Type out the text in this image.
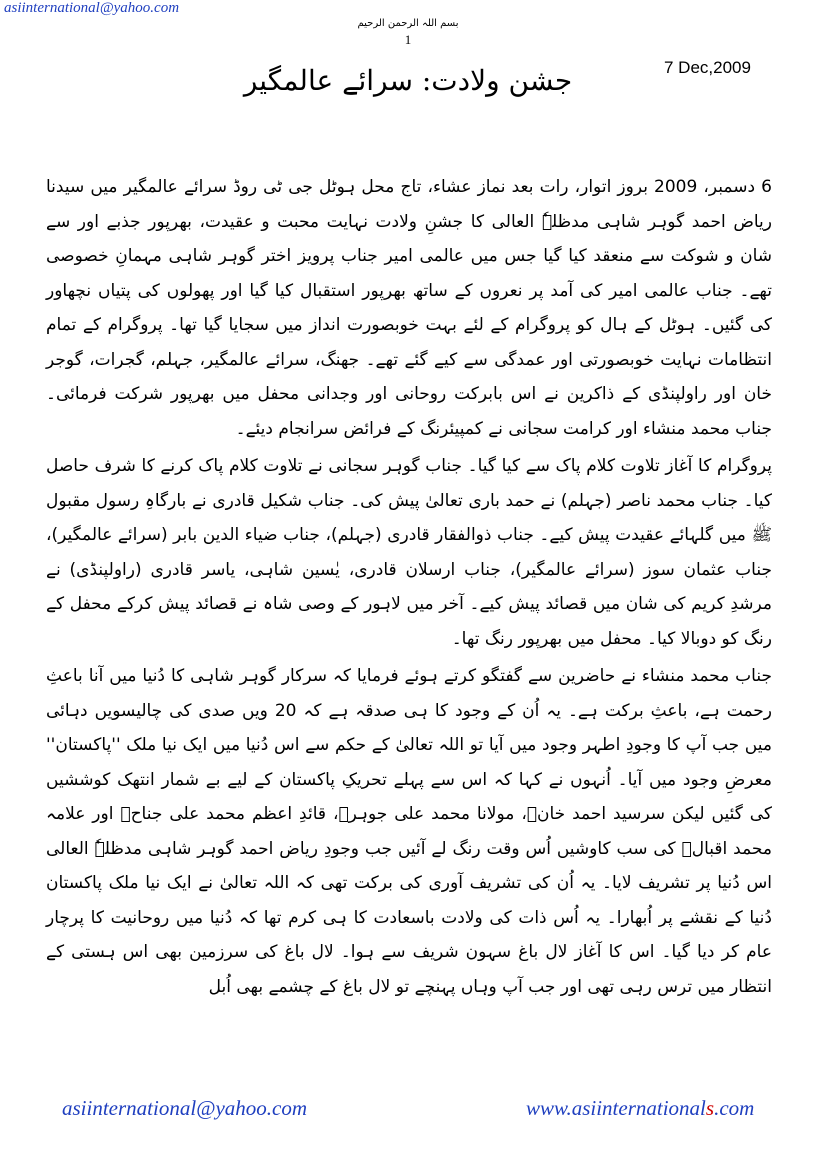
asiinternational@yahoo.com
بسم اللہ الرحمن الرحیم
1
7 Dec,2009
جشن ولادت: سرائے عالمگیر

6 دسمبر، 2009 بروز اتوار، رات بعد نماز عشاء، تاج محل ہوٹل جی ٹی روڈ سرائے عالمگیر میں سیدنا ریاض احمد گوہر شاہی مدظلہٗ العالی کا جشنِ ولادت نہایت محبت و عقیدت، بھرپور جذبے اور سے شان و شوکت سے منعقد کیا گیا جس میں عالمی امیر جناب پرویز اختر گوہر شاہی مہمانِ خصوصی تھے۔ جناب عالمی امیر کی آمد پر نعروں کے ساتھ بھرپور استقبال کیا گیا اور پھولوں کی پتیاں نچھاور کی گئیں۔ ہوٹل کے ہال کو پروگرام کے لئے بہت خوبصورت انداز میں سجایا گیا تھا۔ پروگرام کے تمام انتظامات نہایت خوبصورتی اور عمدگی سے کیے گئے تھے۔ جھنگ، سرائے عالمگیر، جہلم، گجرات، گوجر خان اور راولپنڈی کے ذاکرین نے اس بابرکت روحانی اور وجدانی محفل میں بھرپور شرکت فرمائی۔ جناب محمد منشاء اور کرامت سجانی نے کمپیئرنگ کے فرائض سرانجام دیئے۔

پروگرام کا آغاز تلاوت کلام پاک سے کیا گیا۔ جناب گوہر سجانی نے تلاوت کلام پاک کرنے کا شرف حاصل کیا۔ جناب محمد ناصر (جہلم) نے حمد باری تعالیٰ پیش کی۔ جناب شکیل قادری نے بارگاہِ رسول مقبول ﷺ میں گلہائے عقیدت پیش کیے۔ جناب ذوالفقار قادری (جہلم)، جناب ضیاء الدین بابر (سرائے عالمگیر)، جناب عثمان سوز (سرائے عالمگیر)، جناب ارسلان قادری، یٰسین شاہی، یاسر قادری (راولپنڈی) نے مرشدِ کریم کی شان میں قصائد پیش کیے۔ آخر میں لاہور کے وصی شاہ نے قصائد پیش کرکے محفل کے رنگ کو دوبالا کیا۔ محفل میں بھرپور رنگ تھا۔

جناب محمد منشاء نے حاضرین سے گفتگو کرتے ہوئے فرمایا کہ سرکار گوہر شاہی کا دُنیا میں آنا باعثِ رحمت ہے، باعثِ برکت ہے۔ یہ اُن کے وجود کا ہی صدقہ ہے کہ 20 ویں صدی کی چالیسویں دہائی میں جب آپ کا وجودِ اطہر وجود میں آیا تو اللہ تعالیٰ کے حکم سے اس دُنیا میں ایک نیا ملک ''پاکستان'' معرضِ وجود میں آیا۔ اُنہوں نے کہا کہ اس سے پہلے تحریکِ پاکستان کے لیے بے شمار انتھک کوششیں کی گئیں لیکن سرسید احمد خانؒ، مولانا محمد علی جوہرؒ، قائدِ اعظم محمد علی جناحؒ اور علامہ محمد اقبالؒ کی سب کاوشیں اُس وقت رنگ لے آئیں جب وجودِ ریاض احمد گوہر شاہی مدظلہٗ العالی اس دُنیا پر تشریف لایا۔ یہ اُن کی تشریف آوری کی برکت تھی کہ اللہ تعالیٰ نے ایک نیا ملک پاکستان دُنیا کے نقشے پر اُبھارا۔ یہ اُس ذات کی ولادت باسعادت کا ہی کرم تھا کہ دُنیا میں روحانیت کا پرچار عام کر دیا گیا۔ اس کا آغاز لال باغ سہون شریف سے ہوا۔ لال باغ کی سرزمین بھی اس ہستی کے انتظار میں ترس رہی تھی اور جب آپ وہاں پہنچے تو لال باغ کے چشمے بھی اُبل

asiinternational@yahoo.com	www.asiinternationals.com
